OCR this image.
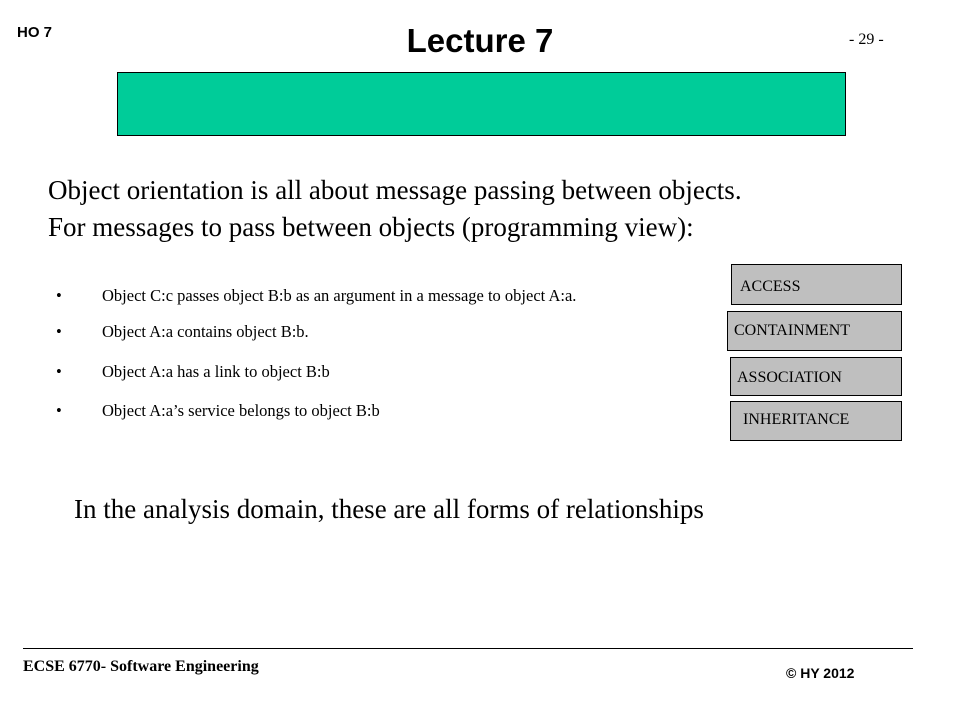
HO 7	Lecture 7	- 29 -
Object orientation is all about message passing between objects.
For messages to pass between objects (programming view):
• Object C:c passes object B:b as an argument in a message to object A:a.
• Object A:a contains object B:b.
• Object A:a has a link to object B:b
• Object A:a’s service belongs to object B:b
ACCESS
CONTAINMENT
ASSOCIATION
INHERITANCE
In the analysis domain, these are all forms of relationships
ECSE 6770- Software Engineering	© HY 2012
